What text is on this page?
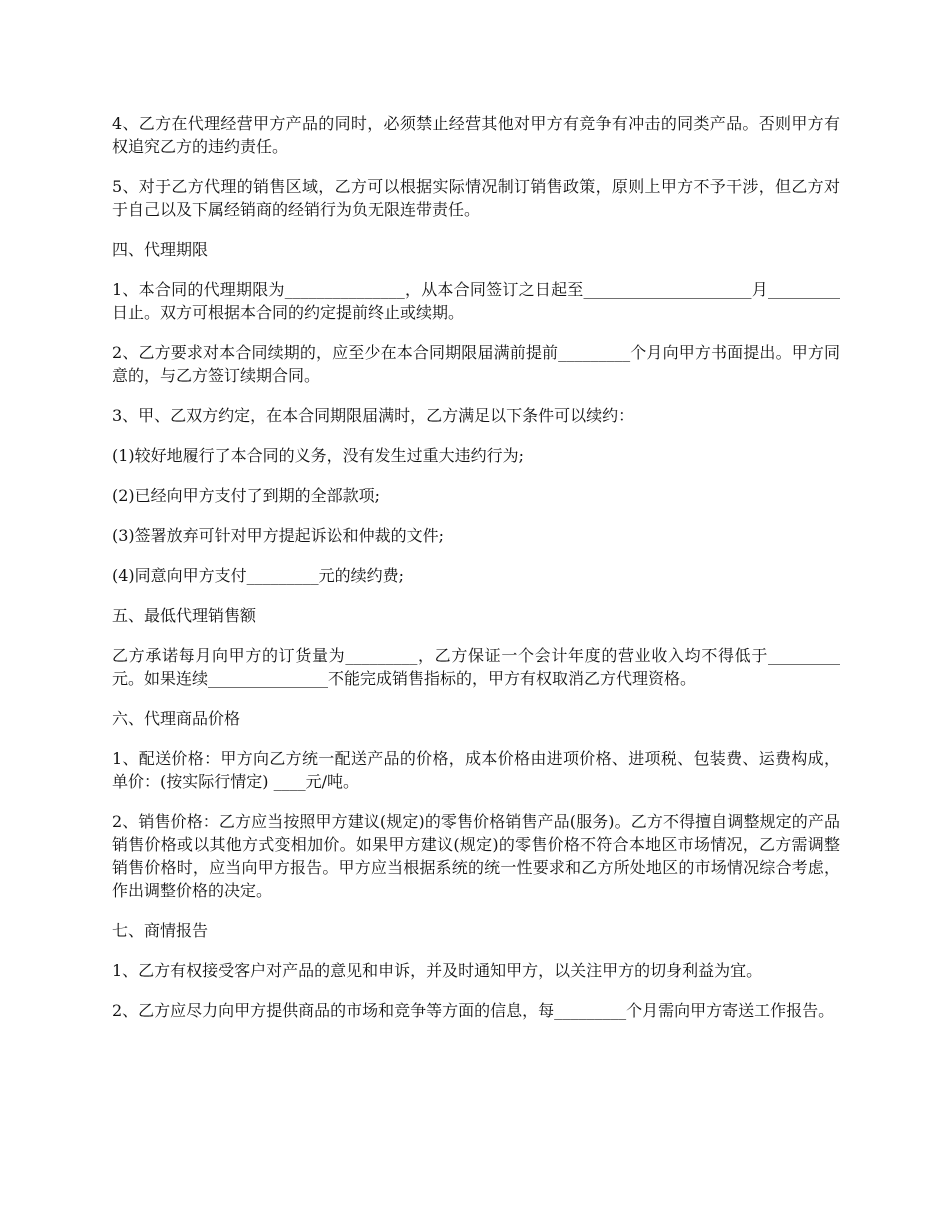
4、乙方在代理经营甲方产品的同时，必须禁止经营其他对甲方有竞争有冲击的同类产品。否则甲方有权追究乙方的违约责任。

5、对于乙方代理的销售区域，乙方可以根据实际情况制订销售政策，原则上甲方不予干涉，但乙方对于自己以及下属经销商的经销行为负无限连带责任。

四、代理期限

1、本合同的代理期限为_______________，从本合同签订之日起至_____________________月_________日止。双方可根据本合同的约定提前终止或续期。

2、乙方要求对本合同续期的，应至少在本合同期限届满前提前_________个月向甲方书面提出。甲方同意的，与乙方签订续期合同。

3、甲、乙双方约定，在本合同期限届满时，乙方满足以下条件可以续约：

(1)较好地履行了本合同的义务，没有发生过重大违约行为;

(2)已经向甲方支付了到期的全部款项;

(3)签署放弃可针对甲方提起诉讼和仲裁的文件;

(4)同意向甲方支付_________元的续约费;

五、最低代理销售额

乙方承诺每月向甲方的订货量为_________，乙方保证一个会计年度的营业收入均不得低于_________元。如果连续_______________不能完成销售指标的，甲方有权取消乙方代理资格。

六、代理商品价格

1、配送价格：甲方向乙方统一配送产品的价格，成本价格由进项价格、进项税、包装费、运费构成，单价：(按实际行情定) ____元/吨。

2、销售价格：乙方应当按照甲方建议(规定)的零售价格销售产品(服务)。乙方不得擅自调整规定的产品销售价格或以其他方式变相加价。如果甲方建议(规定)的零售价格不符合本地区市场情况，乙方需调整销售价格时，应当向甲方报告。甲方应当根据系统的统一性要求和乙方所处地区的市场情况综合考虑，作出调整价格的决定。

七、商情报告

1、乙方有权接受客户对产品的意见和申诉，并及时通知甲方，以关注甲方的切身利益为宜。

2、乙方应尽力向甲方提供商品的市场和竞争等方面的信息，每_________个月需向甲方寄送工作报告。
